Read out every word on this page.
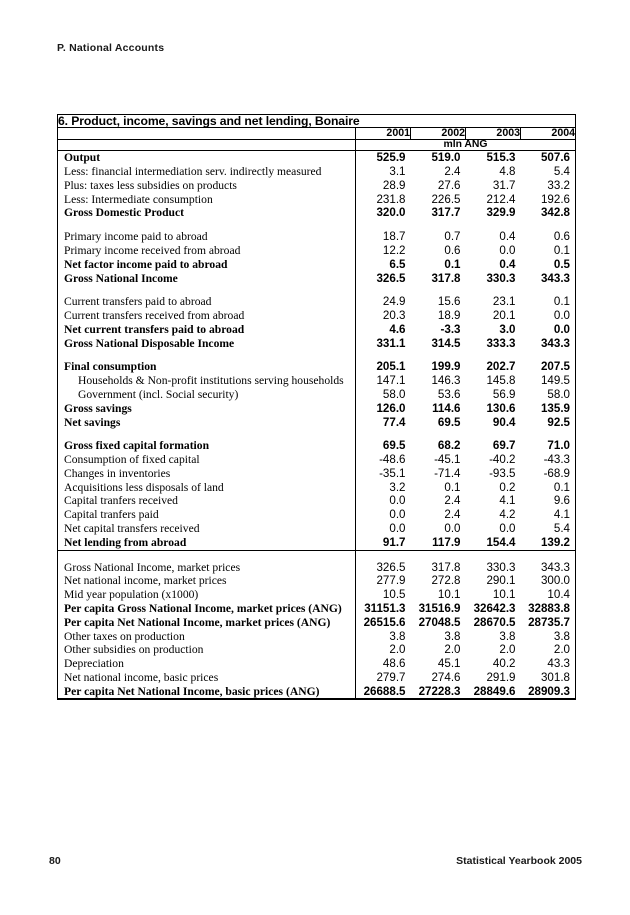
P. National Accounts
6. Product, income, savings and net lending, Bonaire				
	2001	2002	2003	2004
	mln ANG			
Output	525.9	519.0	515.3	507.6
Less: financial intermediation serv. indirectly measured	3.1	2.4	4.8	5.4
Plus: taxes less subsidies on products	28.9	27.6	31.7	33.2
Less: Intermediate consumption	231.8	226.5	212.4	192.6
Gross Domestic Product	320.0	317.7	329.9	342.8

Primary income paid to abroad	18.7	0.7	0.4	0.6
Primary income received from abroad	12.2	0.6	0.0	0.1
Net factor income paid to abroad	6.5	0.1	0.4	0.5
Gross National Income	326.5	317.8	330.3	343.3

Current transfers paid to abroad	24.9	15.6	23.1	0.1
Current transfers received from abroad	20.3	18.9	20.1	0.0
Net current transfers paid to abroad	4.6	-3.3	3.0	0.0
Gross National Disposable Income	331.1	314.5	333.3	343.3

Final consumption	205.1	199.9	202.7	207.5
Households & Non-profit institutions serving households	147.1	146.3	145.8	149.5
Government (incl. Social security)	58.0	53.6	56.9	58.0
Gross savings	126.0	114.6	130.6	135.9
Net savings	77.4	69.5	90.4	92.5

Gross fixed capital formation	69.5	68.2	69.7	71.0
Consumption of fixed capital	-48.6	-45.1	-40.2	-43.3
Changes in inventories	-35.1	-71.4	-93.5	-68.9
Acquisitions less disposals of land	3.2	0.1	0.2	0.1
Capital tranfers received	0.0	2.4	4.1	9.6
Capital tranfers paid	0.0	2.4	4.2	4.1
Net capital transfers received	0.0	0.0	0.0	5.4
Net lending from abroad	91.7	117.9	154.4	139.2

Gross National Income, market prices	326.5	317.8	330.3	343.3
Net national income, market prices	277.9	272.8	290.1	300.0
Mid year population (x1000)	10.5	10.1	10.1	10.4
Per capita Gross National Income, market prices (ANG)	31151.3	31516.9	32642.3	32883.8
Per capita Net National Income, market prices (ANG)	26515.6	27048.5	28670.5	28735.7
Other taxes on production	3.8	3.8	3.8	3.8
Other subsidies on production	2.0	2.0	2.0	2.0
Depreciation	48.6	45.1	40.2	43.3
Net national income, basic prices	279.7	274.6	291.9	301.8
Per capita Net National Income, basic prices (ANG)	26688.5	27228.3	28849.6	28909.3
80	Statistical Yearbook 2005
